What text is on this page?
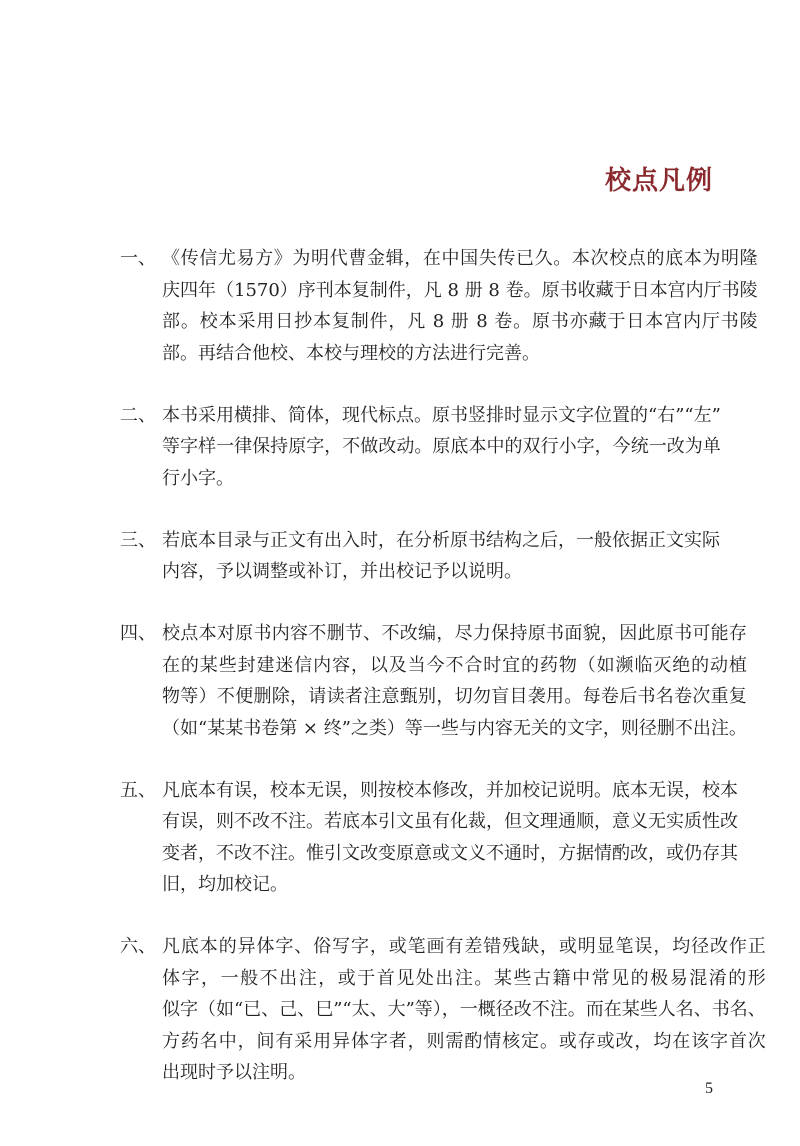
校点凡例
一、 《传信尤易方》为明代曹金辑，在中国失传已久。本次校点的底本为明隆
庆四年（1570）序刊本复制件，凡 8 册 8 卷。原书收藏于日本宫内厅书陵
部。校本采用日抄本复制件，凡 8 册 8 卷。原书亦藏于日本宫内厅书陵
部。再结合他校、本校与理校的方法进行完善。
二、 本书采用横排、简体，现代标点。原书竖排时显示文字位置的“右”“左”
等字样一律保持原字，不做改动。原底本中的双行小字，今统一改为单
行小字。
三、 若底本目录与正文有出入时，在分析原书结构之后，一般依据正文实际
内容，予以调整或补订，并出校记予以说明。
四、 校点本对原书内容不删节、不改编，尽力保持原书面貌，因此原书可能存
在的某些封建迷信内容，以及当今不合时宜的药物（如濒临灭绝的动植
物等）不便删除，请读者注意甄别，切勿盲目袭用。每卷后书名卷次重复
（如“某某书卷第 × 终”之类）等一些与内容无关的文字，则径删不出注。
五、 凡底本有误，校本无误，则按校本修改，并加校记说明。底本无误，校本
有误，则不改不注。若底本引文虽有化裁，但文理通顺，意义无实质性改
变者，不改不注。惟引文改变原意或文义不通时，方据情酌改，或仍存其
旧，均加校记。
六、 凡底本的异体字、俗写字，或笔画有差错残缺，或明显笔误，均径改作正
体字，一般不出注，或于首见处出注。某些古籍中常见的极易混淆的形
似字（如“已、己、巳”“太、大”等），一概径改不注。而在某些人名、书名、
方药名中，间有采用异体字者，则需酌情核定。或存或改，均在该字首次
出现时予以注明。
5
